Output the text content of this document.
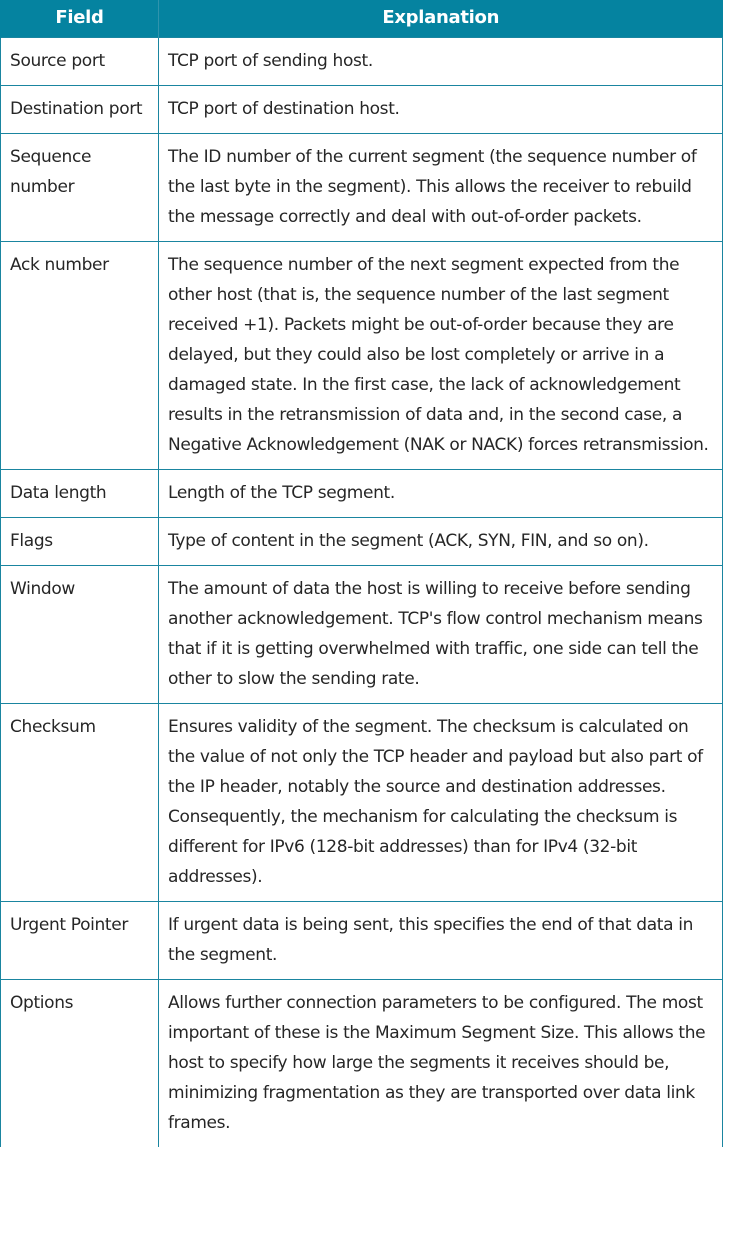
Field	Explanation
Source port	TCP port of sending host.
Destination port	TCP port of destination host.
Sequence number	The ID number of the current segment (the sequence number of the last byte in the segment). This allows the receiver to rebuild the message correctly and deal with out-of-order packets.
Ack number	The sequence number of the next segment expected from the other host (that is, the sequence number of the last segment received +1). Packets might be out-of-order because they are delayed, but they could also be lost completely or arrive in a damaged state. In the first case, the lack of acknowledgement results in the retransmission of data and, in the second case, a Negative Acknowledgement (NAK or NACK) forces retransmission.
Data length	Length of the TCP segment.
Flags	Type of content in the segment (ACK, SYN, FIN, and so on).
Window	The amount of data the host is willing to receive before sending another acknowledgement. TCP's flow control mechanism means that if it is getting overwhelmed with traffic, one side can tell the other to slow the sending rate.
Checksum	Ensures validity of the segment. The checksum is calculated on the value of not only the TCP header and payload but also part of the IP header, notably the source and destination addresses. Consequently, the mechanism for calculating the checksum is different for IPv6 (128-bit addresses) than for IPv4 (32-bit addresses).
Urgent Pointer	If urgent data is being sent, this specifies the end of that data in the segment.
Options	Allows further connection parameters to be configured. The most important of these is the Maximum Segment Size. This allows the host to specify how large the segments it receives should be, minimizing fragmentation as they are transported over data link frames.
